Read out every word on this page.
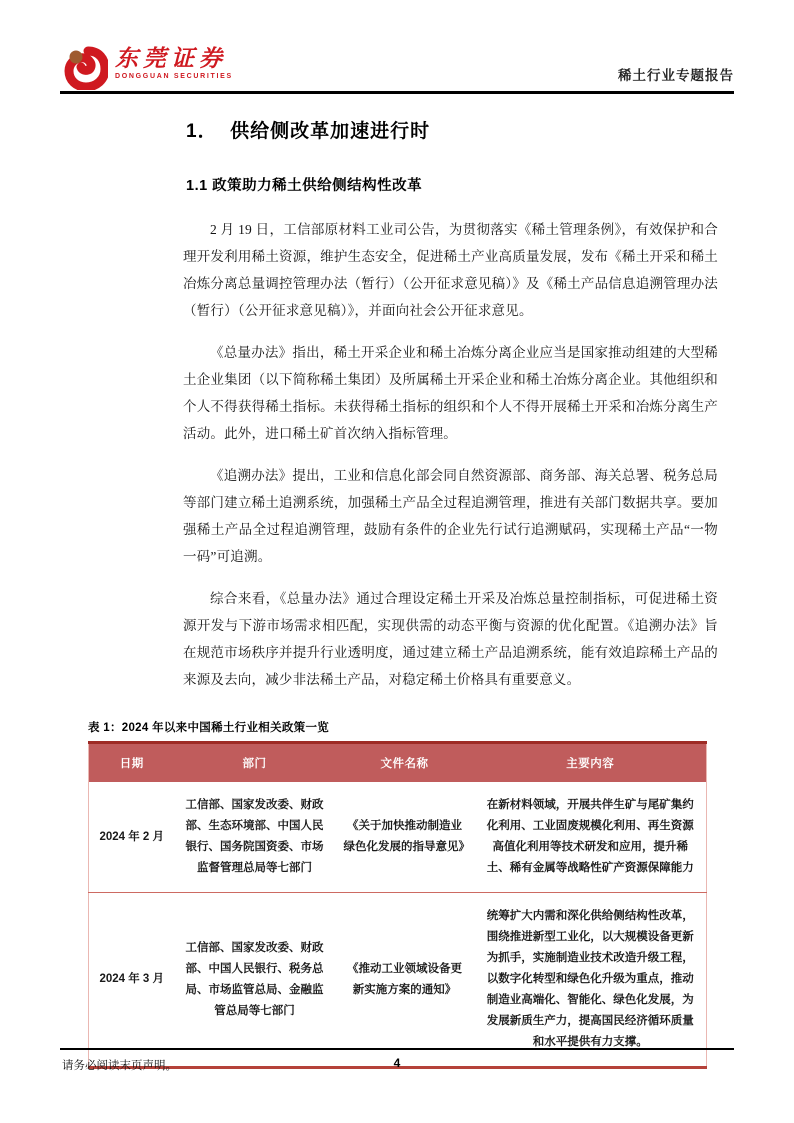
东莞证券
DONGGUAN SECURITIES	稀土行业专题报告
1．  供给侧改革加速进行时
1.1 政策助力稀土供给侧结构性改革

2 月 19 日，工信部原材料工业司公告，为贯彻落实《稀土管理条例》，有效保护和合理开发利用稀土资源，维护生态安全，促进稀土产业高质量发展，发布《稀土开采和稀土冶炼分离总量调控管理办法（暂行）（公开征求意见稿）》及《稀土产品信息追溯管理办法（暂行）（公开征求意见稿）》，并面向社会公开征求意见。

《总量办法》指出，稀土开采企业和稀土冶炼分离企业应当是国家推动组建的大型稀土企业集团（以下简称稀土集团）及所属稀土开采企业和稀土冶炼分离企业。其他组织和个人不得获得稀土指标。未获得稀土指标的组织和个人不得开展稀土开采和冶炼分离生产活动。此外，进口稀土矿首次纳入指标管理。

《追溯办法》提出，工业和信息化部会同自然资源部、商务部、海关总署、税务总局等部门建立稀土追溯系统，加强稀土产品全过程追溯管理，推进有关部门数据共享。要加强稀土产品全过程追溯管理，鼓励有条件的企业先行试行追溯赋码，实现稀土产品“一物一码”可追溯。

综合来看，《总量办法》通过合理设定稀土开采及冶炼总量控制指标，可促进稀土资源开发与下游市场需求相匹配，实现供需的动态平衡与资源的优化配置。《追溯办法》旨在规范市场秩序并提升行业透明度，通过建立稀土产品追溯系统，能有效追踪稀土产品的来源及去向，减少非法稀土产品，对稳定稀土价格具有重要意义。

表 1：2024 年以来中国稀土行业相关政策一览
日期	部门	文件名称	主要内容
2024 年 2 月	工信部、国家发改委、财政部、生态环境部、中国人民银行、国务院国资委、市场监督管理总局等七部门	《关于加快推动制造业绿色化发展的指导意见》	在新材料领域，开展共伴生矿与尾矿集约化利用、工业固废规模化利用、再生资源高值化利用等技术研发和应用，提升稀土、稀有金属等战略性矿产资源保障能力
2024 年 3 月	工信部、国家发改委、财政部、中国人民银行、税务总局、市场监管总局、金融监管总局等七部门	《推动工业领域设备更新实施方案的通知》	统筹扩大内需和深化供给侧结构性改革，围绕推进新型工业化，以大规模设备更新为抓手，实施制造业技术改造升级工程，以数字化转型和绿色化升级为重点，推动制造业高端化、智能化、绿色化发展，为发展新质生产力，提高国民经济循环质量和水平提供有力支撑。
请务必阅读末页声明。	4
